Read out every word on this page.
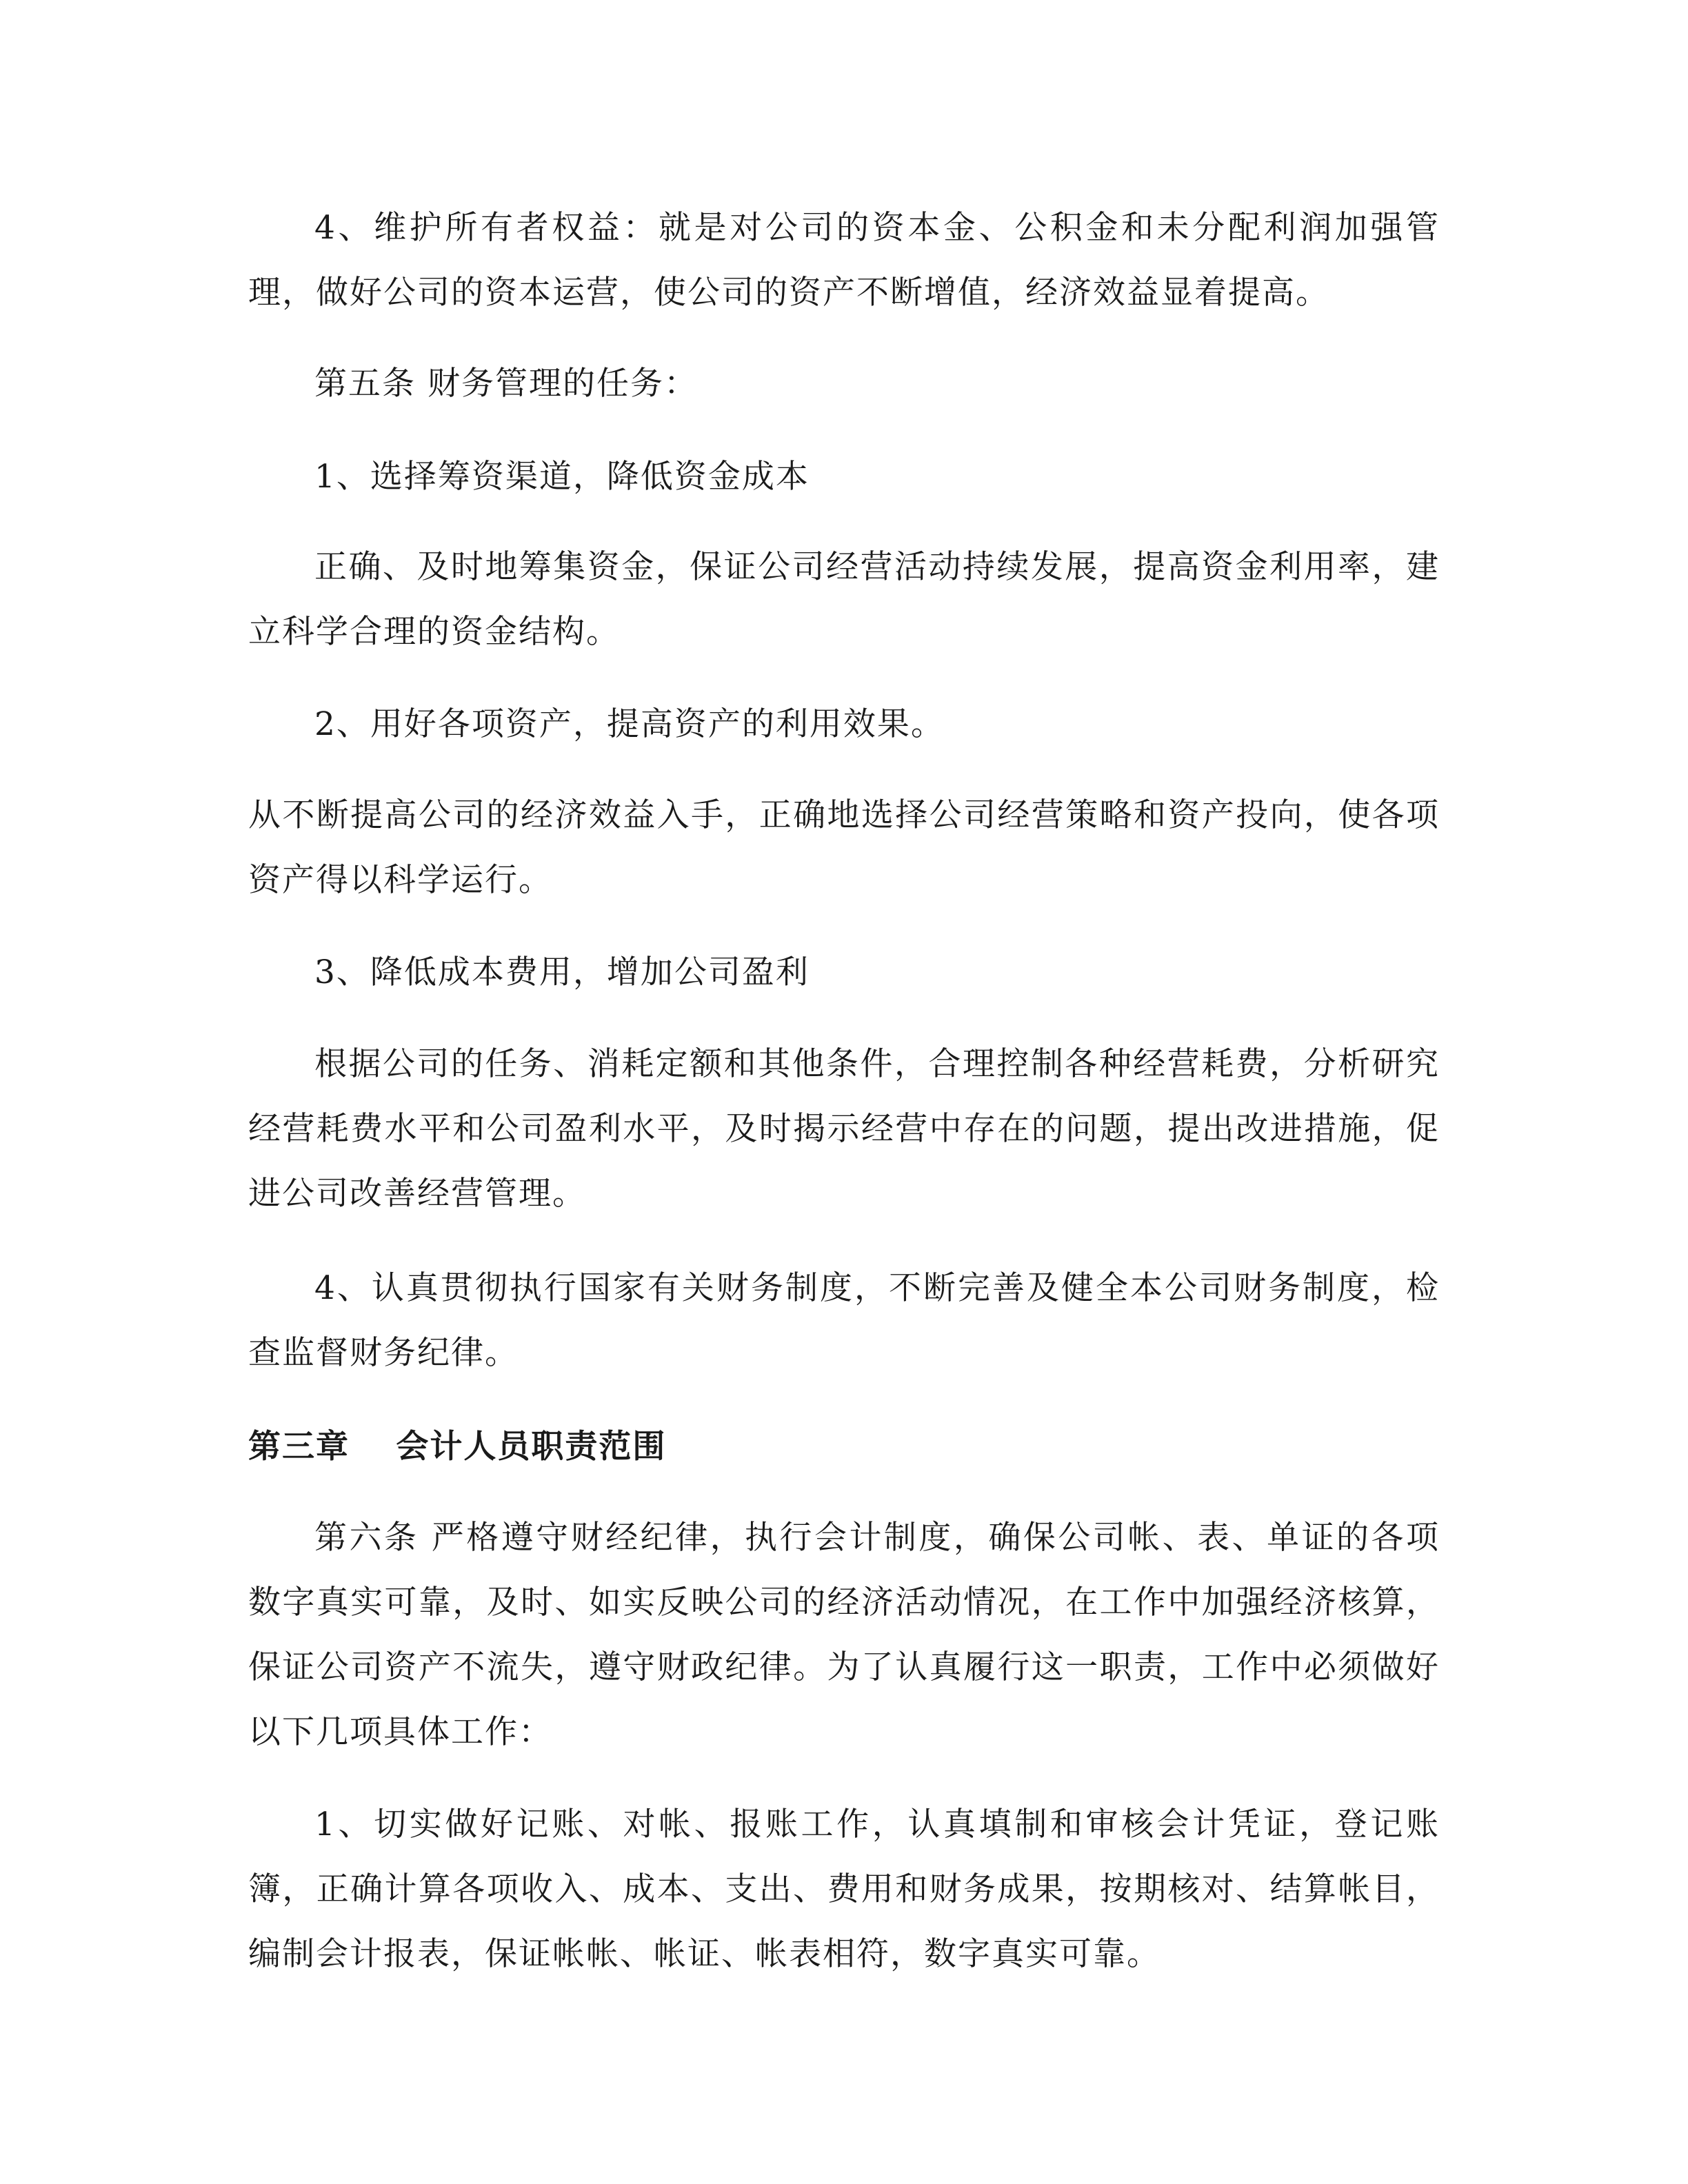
4、维护所有者权益：就是对公司的资本金、公积金和未分配利润加强管理，做好公司的资本运营，使公司的资产不断增值，经济效益显着提高。

第五条 财务管理的任务：

1、选择筹资渠道，降低资金成本

正确、及时地筹集资金，保证公司经营活动持续发展，提高资金利用率，建立科学合理的资金结构。

2、用好各项资产，提高资产的利用效果。

从不断提高公司的经济效益入手，正确地选择公司经营策略和资产投向，使各项资产得以科学运行。

3、降低成本费用，增加公司盈利

根据公司的任务、消耗定额和其他条件，合理控制各种经营耗费，分析研究经营耗费水平和公司盈利水平，及时揭示经营中存在的问题，提出改进措施，促进公司改善经营管理。

4、认真贯彻执行国家有关财务制度，不断完善及健全本公司财务制度，检查监督财务纪律。

第三章　 会计人员职责范围

第六条 严格遵守财经纪律，执行会计制度，确保公司帐、表、单证的各项数字真实可靠，及时、如实反映公司的经济活动情况，在工作中加强经济核算，保证公司资产不流失，遵守财政纪律。为了认真履行这一职责，工作中必须做好以下几项具体工作：

1、切实做好记账、对帐、报账工作，认真填制和审核会计凭证，登记账簿，正确计算各项收入、成本、支出、费用和财务成果，按期核对、结算帐目，编制会计报表，保证帐帐、帐证、帐表相符，数字真实可靠。
